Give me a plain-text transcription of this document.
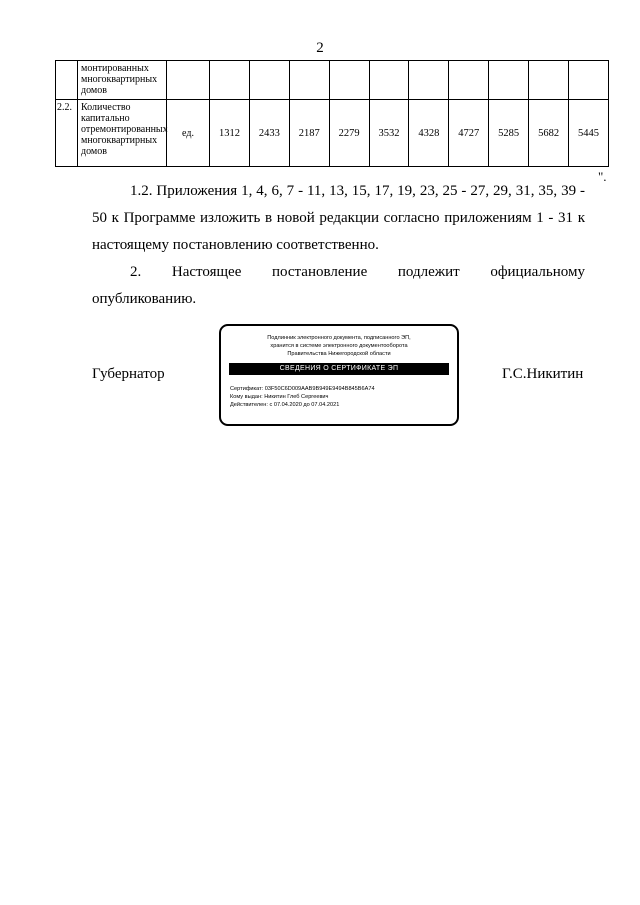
2
	монтированных многоквартирных домов											
2.2.	Количество капитально отремонтированных многоквартирных домов	ед.	1312	2433	2187	2279	3532	4328	4727	5285	5682	5445
".
1.2. Приложения 1, 4, 6, 7 - 11, 13, 15, 17, 19, 23, 25 - 27, 29, 31, 35, 39 - 50 к Программе изложить в новой редакции согласно приложениям 1 - 31 к настоящему постановлению соответственно.
2. Настоящее постановление подлежит официальному
опубликованию.
Губернатор
Подлинник электронного документа, подписанного ЭП,
хранится в системе электронного документооборота
Правительства Нижегородской области
СВЕДЕНИЯ О СЕРТИФИКАТЕ ЭП
Сертификат: 03F50C6D009AAB9B949E9494B845B6A74
Кому выдан: Никитин Глеб Сергеевич
Действителен: с 07.04.2020 до 07.04.2021
Г.С.Никитин
